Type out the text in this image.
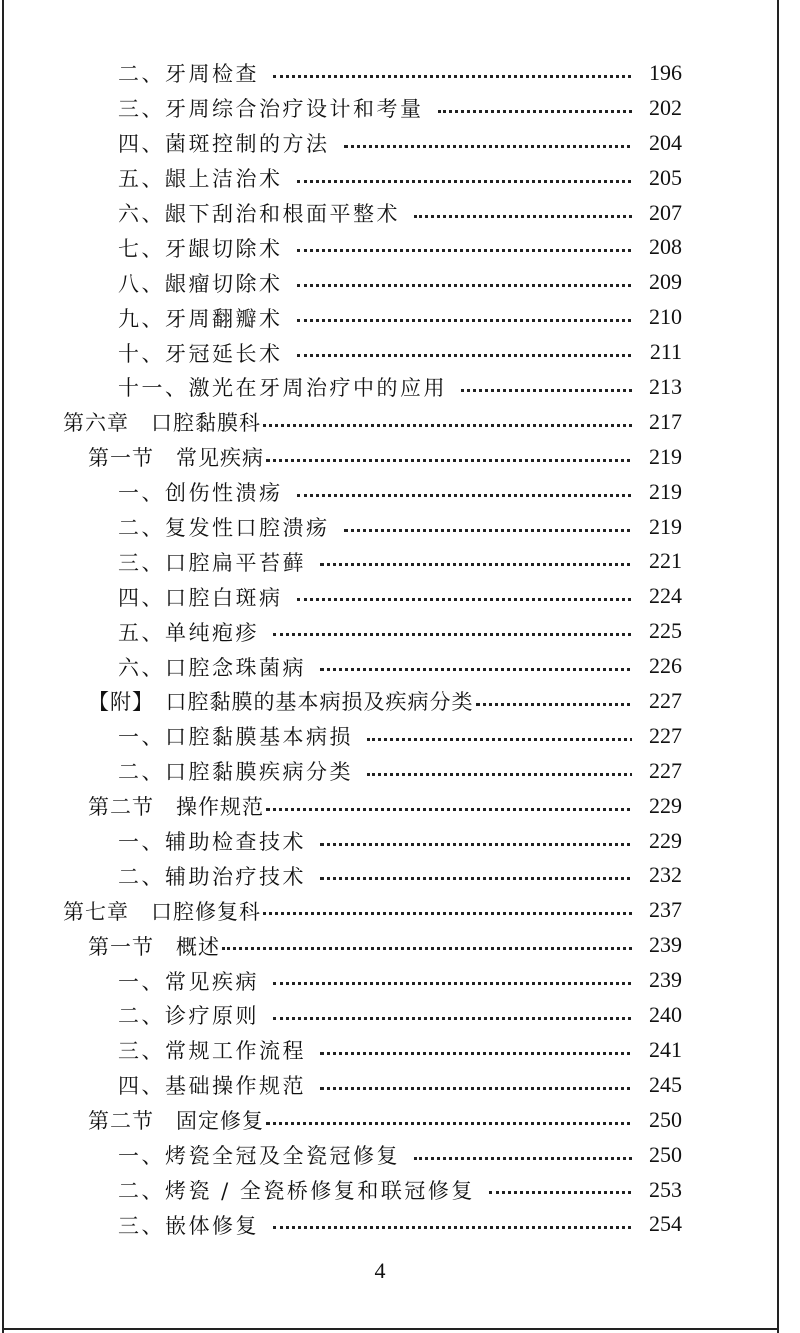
二、牙周检查	196
三、牙周综合治疗设计和考量	202
四、菌斑控制的方法	204
五、龈上洁治术	205
六、龈下刮治和根面平整术	207
七、牙龈切除术	208
八、龈瘤切除术	209
九、牙周翻瓣术	210
十、牙冠延长术	211
十一、激光在牙周治疗中的应用	213
第六章　口腔黏膜科	217
第一节　常见疾病	219
一、创伤性溃疡	219
二、复发性口腔溃疡	219
三、口腔扁平苔藓	221
四、口腔白斑病	224
五、单纯疱疹	225
六、口腔念珠菌病	226
【附】　口腔黏膜的基本病损及疾病分类	227
一、口腔黏膜基本病损	227
二、口腔黏膜疾病分类	227
第二节　操作规范	229
一、辅助检查技术	229
二、辅助治疗技术	232
第七章　口腔修复科	237
第一节　概述	239
一、常见疾病	239
二、诊疗原则	240
三、常规工作流程	241
四、基础操作规范	245
第二节　固定修复	250
一、烤瓷全冠及全瓷冠修复	250
二、烤瓷 / 全瓷桥修复和联冠修复	253
三、嵌体修复	254
4
